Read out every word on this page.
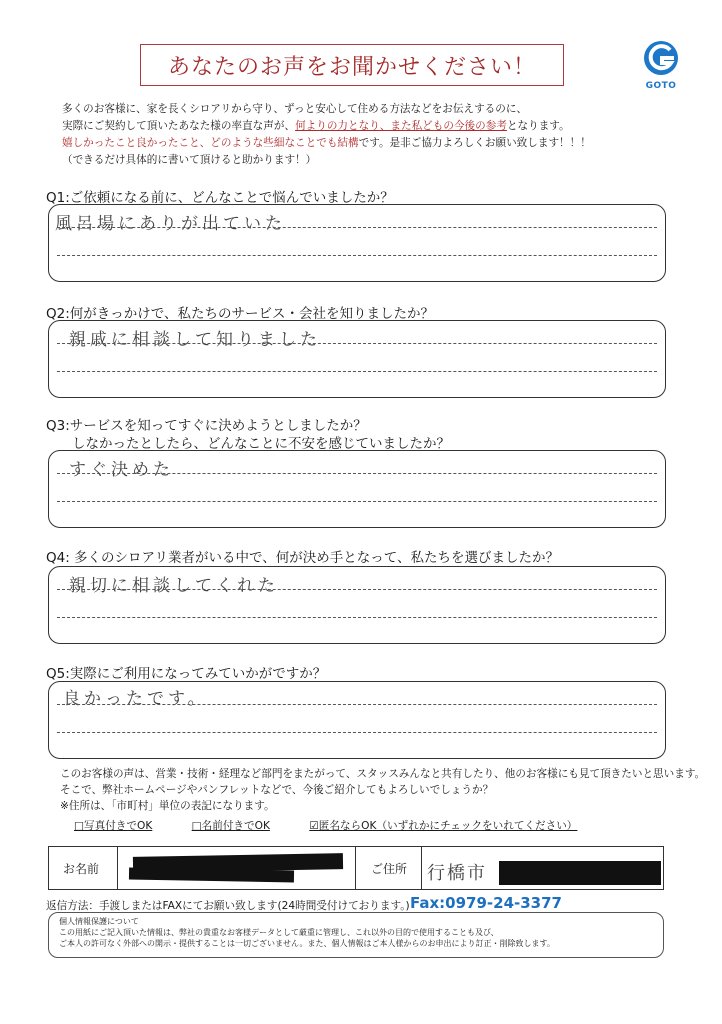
あなたのお声をお聞かせください！
GOTO
多くのお客様に、家を長くシロアリから守り、ずっと安心して住める方法などをお伝えするのに、
実際にご契約して頂いたあなた様の率直な声が、何よりの力となり、また私どもの今後の参考となります。
嬉しかったこと良かったこと、どのような些細なことでも結構です。是非ご協力よろしくお願い致します！！！
（できるだけ具体的に書いて頂けると助かります！）
Q1:ご依頼になる前に、どんなことで悩んでいましたか？
風呂場にありが出ていた
Q2:何がきっかけで、私たちのサービス・会社を知りましたか？
親戚に相談して知りました
Q3:サービスを知ってすぐに決めようとしましたか？
しなかったとしたら、どんなことに不安を感じていましたか？
すぐ決めた
Q4: 多くのシロアリ業者がいる中で、何が決め手となって、私たちを選びましたか？
親切に相談してくれた
Q5:実際にご利用になってみていかがですか？
良かったです。
このお客様の声は、営業・技術・経理など部門をまたがって、スタッスみんなと共有したり、他のお客様にも見て頂きたいと思います。
そこで、弊社ホームページやパンフレットなどで、今後ご紹介してもよろしいでしょうか？
※住所は、「市町村」単位の表記になります。
□写真付きでOK	□名前付きでOK	☑匿名ならOK（いずれかにチェックをいれてください）
お名前	ご住所 行橋市
返信方法：手渡しまたはFAXにてお願い致します(24時間受付けております。) Fax:0979-24-3377
個人情報保護について
この用紙にご記入頂いた情報は、弊社の貴重なお客様データとして厳重に管理し、これ以外の目的で使用することも及び、
ご本人の許可なく外部への開示・提供することは一切ございません。また、個人情報はご本人様からのお申出により訂正・削除致します。
